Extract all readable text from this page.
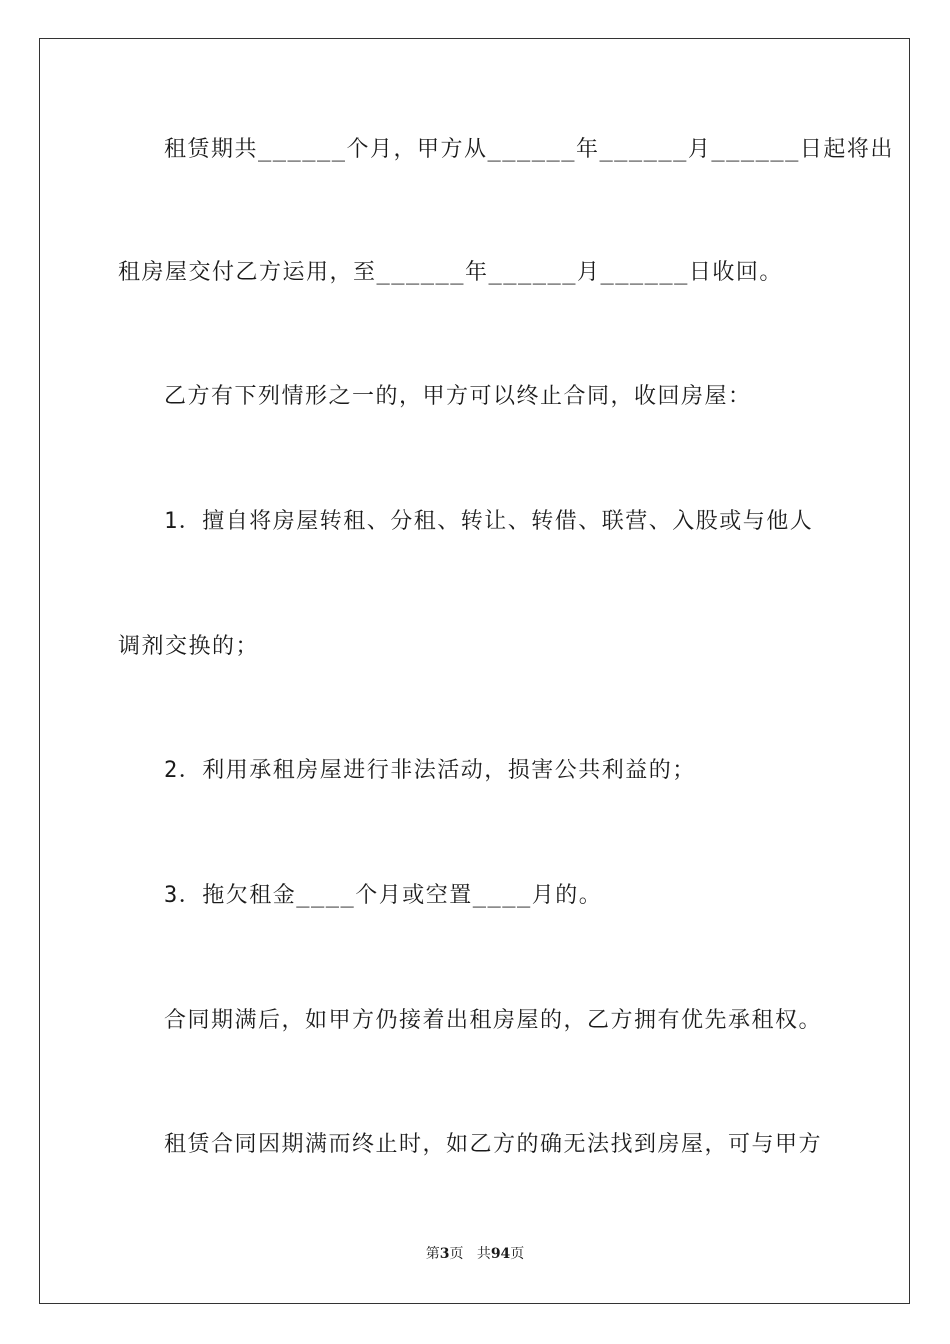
租赁期共______个月，甲方从______年______月______日起将出
租房屋交付乙方运用，至______年______月______日收回。
乙方有下列情形之一的，甲方可以终止合同，收回房屋：
1．擅自将房屋转租、分租、转让、转借、联营、入股或与他人
调剂交换的；
2．利用承租房屋进行非法活动，损害公共利益的；
3．拖欠租金____个月或空置____月的。
合同期满后，如甲方仍接着出租房屋的，乙方拥有优先承租权。
租赁合同因期满而终止时，如乙方的确无法找到房屋，可与甲方
第3页 共94页
